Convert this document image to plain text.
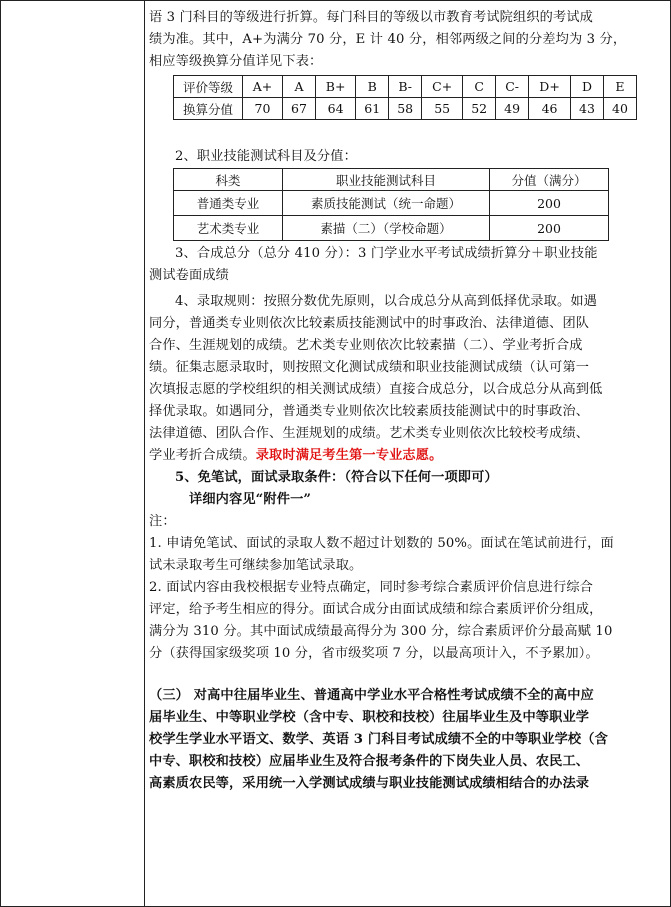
语 3 门科目的等级进行折算。每门科目的等级以市教育考试院组织的考试成

绩为准。其中，A+为满分 70 分，E 计 40 分，相邻两级之间的分差均为 3 分，

相应等级换算分值详见下表：

评价等级	A+	A	B+	B	B-	C+	C	C-	D+	D	E
换算分值	70	67	64	61	58	55	52	49	46	43	40

2、职业技能测试科目及分值：

科类	职业技能测试科目	分值（满分）
普通类专业	素质技能测试（统一命题）	200
艺术类专业	素描（二）（学校命题）	200

3、合成总分（总分 410 分）：3 门学业水平考试成绩折算分＋职业技能

测试卷面成绩

4、录取规则：按照分数优先原则，以合成总分从高到低择优录取。如遇

同分，普通类专业则依次比较素质技能测试中的时事政治、法律道德、团队

合作、生涯规划的成绩。艺术类专业则依次比较素描（二）、学业考折合成

绩。征集志愿录取时，则按照文化测试成绩和职业技能测试成绩（认可第一

次填报志愿的学校组织的相关测试成绩）直接合成总分，以合成总分从高到低

择优录取。如遇同分，普通类专业则依次比较素质技能测试中的时事政治、

法律道德、团队合作、生涯规划的成绩。艺术类专业则依次比较校考成绩、

学业考折合成绩。录取时满足考生第一专业志愿。

5、免笔试，面试录取条件：（符合以下任何一项即可）

详细内容见“附件一”

注：

1. 申请免笔试、面试的录取人数不超过计划数的 50%。面试在笔试前进行，面

试未录取考生可继续参加笔试录取。

2. 面试内容由我校根据专业特点确定，同时参考综合素质评价信息进行综合

评定，给予考生相应的得分。面试合成分由面试成绩和综合素质评价分组成，

满分为 310 分。其中面试成绩最高得分为 300 分，综合素质评价分最高赋 10

分（获得国家级奖项 10 分，省市级奖项 7 分，以最高项计入，不予累加）。

（三） 对高中往届毕业生、普通高中学业水平合格性考试成绩不全的高中应

届毕业生、中等职业学校（含中专、职校和技校）往届毕业生及中等职业学

校学生学业水平语文、数学、英语 3 门科目考试成绩不全的中等职业学校（含

中专、职校和技校）应届毕业生及符合报考条件的下岗失业人员、农民工、

高素质农民等，采用统一入学测试成绩与职业技能测试成绩相结合的办法录
